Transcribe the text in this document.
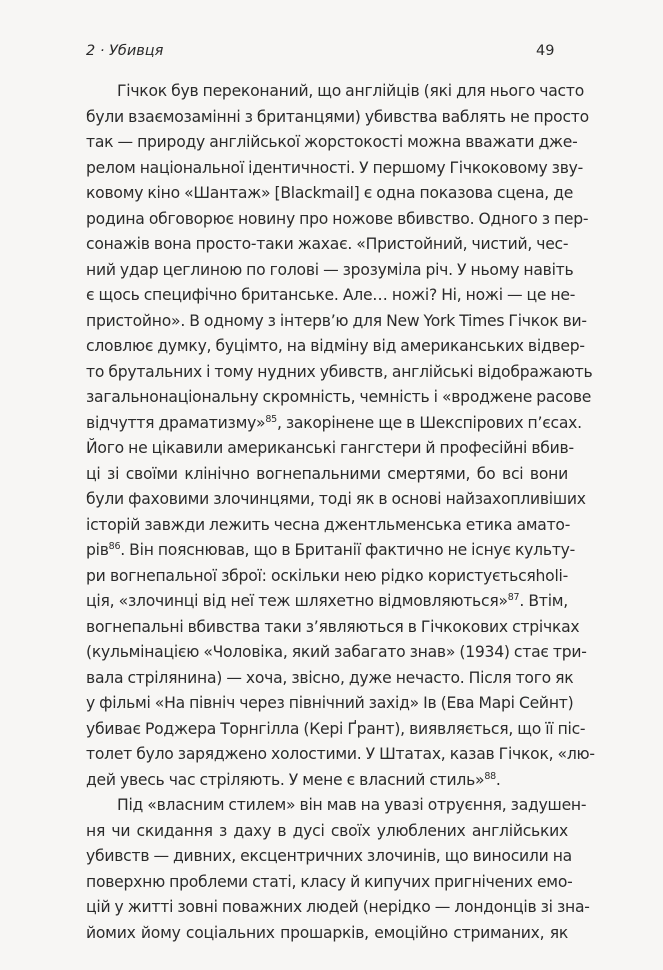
2 · Убивця	49
Гічкок був переконаний, що англійців (які для нього часто
були взаємозамінні з британцями) убивства ваблять не просто
так — природу англійської жорстокості можна вважати дже-
релом національної ідентичності. У першому Гічкоковому зву-
ковому кіно «Шантаж» [Blackmail] є одна показова сцена, де
родина обговорює новину про ножове вбивство. Одного з пер-
сонажів вона просто-таки жахає. «Пристойний, чистий, чес-
ний удар цеглиною по голові — зрозуміла річ. У ньому навіть
є щось специфічно британське. Але… ножі? Ні, ножі — це не-
пристойно». В одному з інтерв’ю для New York Times Гічкок ви-
словлює думку, буцімто, на відміну від американських відвер-
то брутальних і тому нудних убивств, англійські відображають
загальнонаціональну скромність, чемність і «вроджене расове
відчуття драматизму»$^{85}$, закорінене ще в Шекспірових п’єсах.
Його не цікавили американські гангстери й професійні вбив-
ці зі своїми клінічно вогнепальними смертями, бо всі вони
були фаховими злочинцями, тоді як в основі найзахопливіших
історій завжди лежить чесна джентльменська етика амато-
рів$^{86}$. Він пояснював, що в Британії фактично не існує культу-
ри вогнепальної зброї: оскільки нею рідко користуєтьсяholi-
ція, «злочинці від неї теж шляхетно відмовляються»$^{87}$. Втім,
вогнепальні вбивства таки з’являються в Гічкокових стрічках
(кульмінацією «Чоловіка, який забагато знав» (1934) стає три-
вала стрілянина) — хоча, звісно, дуже нечасто. Після того як
у фільмі «На північ через північний захід» Ів (Ева Марі Сейнт)
убиває Роджера Торнгілла (Кері Ґрант), виявляється, що її піс-
толет було заряджено холостими. У Штатах, казав Гічкок, «лю-
дей увесь час стріляють. У мене є власний стиль»$^{88}$.
Під «власним стилем» він мав на увазі отруєння, задушен-
ня чи скидання з даху в дусі своїх улюблених англійських
убивств — дивних, ексцентричних злочинів, що виносили на
поверхню проблеми статі, класу й кипучих пригнічених емо-
цій у житті зовні поважних людей (нерідко — лондонців зі зна-
йомих йому соціальних прошарків, емоційно стриманих, як
